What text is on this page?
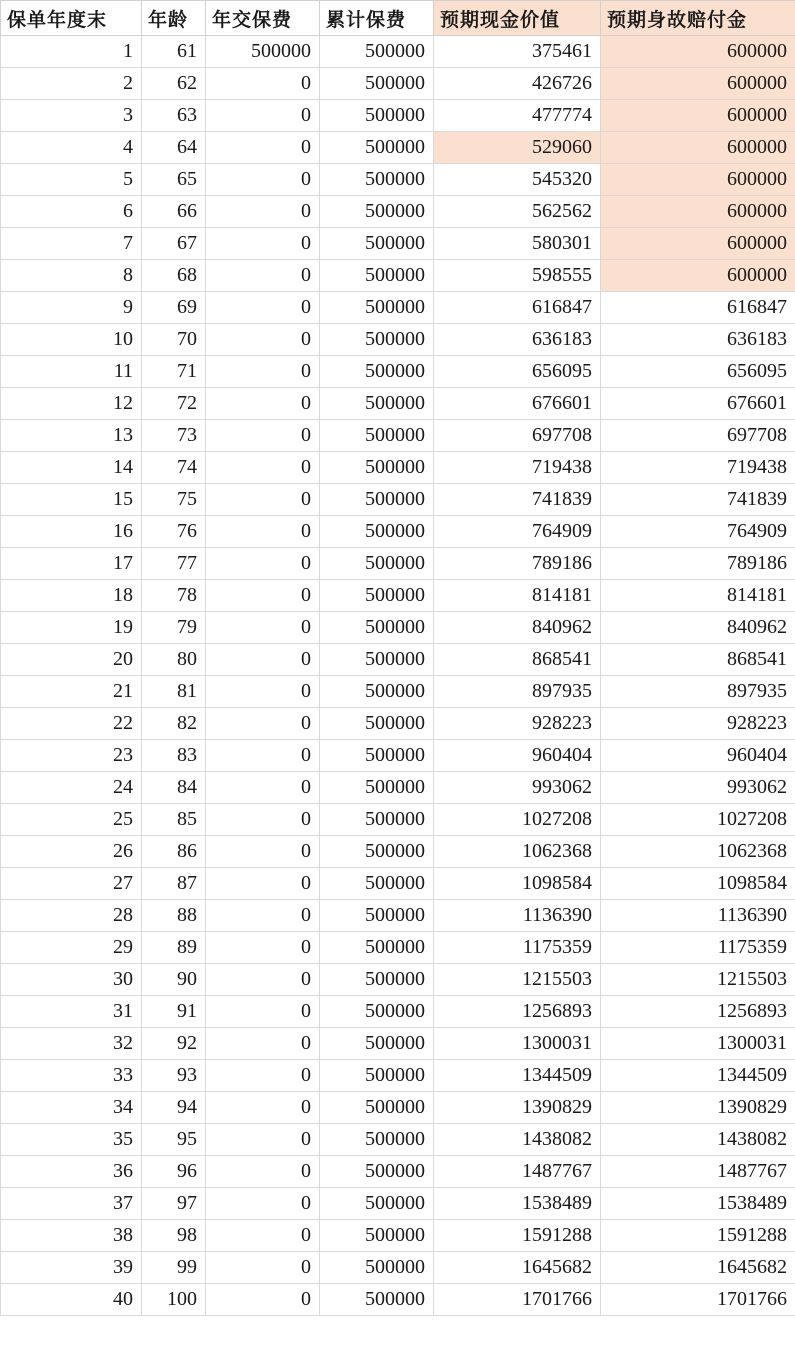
保单年度末	年龄	年交保费	累计保费	预期现金价值	预期身故赔付金
1	61	500000	500000	375461	600000
2	62	0	500000	426726	600000
3	63	0	500000	477774	600000
4	64	0	500000	529060	600000
5	65	0	500000	545320	600000
6	66	0	500000	562562	600000
7	67	0	500000	580301	600000
8	68	0	500000	598555	600000
9	69	0	500000	616847	616847
10	70	0	500000	636183	636183
11	71	0	500000	656095	656095
12	72	0	500000	676601	676601
13	73	0	500000	697708	697708
14	74	0	500000	719438	719438
15	75	0	500000	741839	741839
16	76	0	500000	764909	764909
17	77	0	500000	789186	789186
18	78	0	500000	814181	814181
19	79	0	500000	840962	840962
20	80	0	500000	868541	868541
21	81	0	500000	897935	897935
22	82	0	500000	928223	928223
23	83	0	500000	960404	960404
24	84	0	500000	993062	993062
25	85	0	500000	1027208	1027208
26	86	0	500000	1062368	1062368
27	87	0	500000	1098584	1098584
28	88	0	500000	1136390	1136390
29	89	0	500000	1175359	1175359
30	90	0	500000	1215503	1215503
31	91	0	500000	1256893	1256893
32	92	0	500000	1300031	1300031
33	93	0	500000	1344509	1344509
34	94	0	500000	1390829	1390829
35	95	0	500000	1438082	1438082
36	96	0	500000	1487767	1487767
37	97	0	500000	1538489	1538489
38	98	0	500000	1591288	1591288
39	99	0	500000	1645682	1645682
40	100	0	500000	1701766	1701766
